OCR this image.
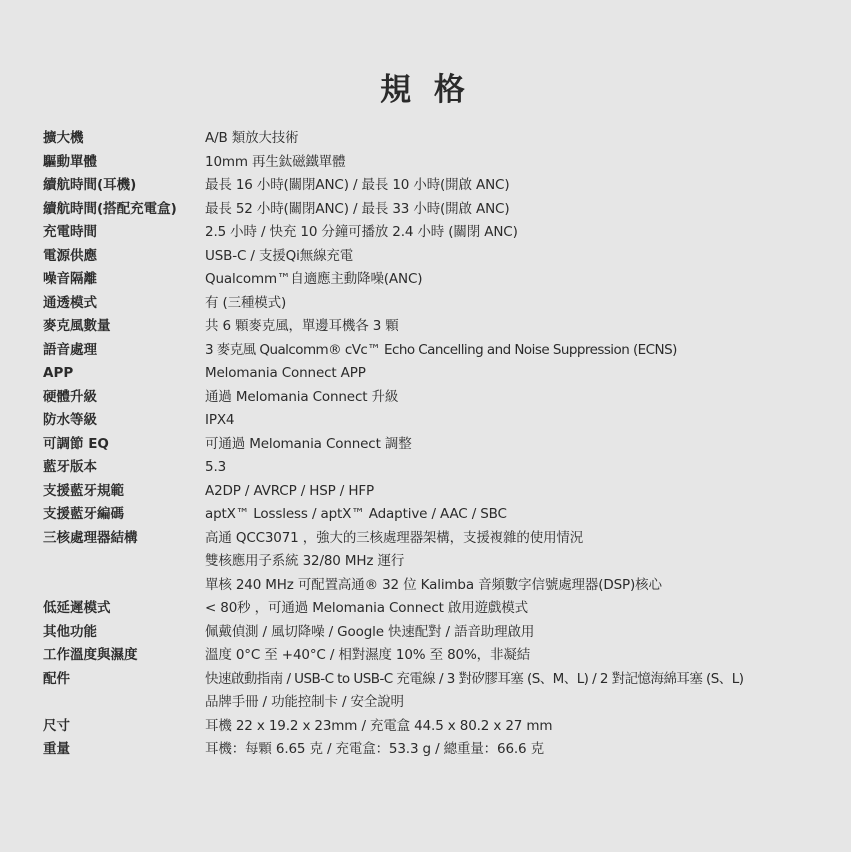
規 格
擴大機	A/B 類放大技術
驅動單體	10mm 再生鈦磁鐵單體
續航時間(耳機)	最長 16 小時(關閉ANC) / 最長 10 小時(開啟 ANC)
續航時間(搭配充電盒)	最長 52 小時(關閉ANC) / 最長 33 小時(開啟 ANC)
充電時間	2.5 小時 / 快充 10 分鐘可播放 2.4 小時 (關閉 ANC)
電源供應	USB-C / 支援Qi無線充電
噪音隔離	Qualcomm™自適應主動降噪(ANC)
通透模式	有 (三種模式)
麥克風數量	共 6 顆麥克風，單邊耳機各 3 顆
語音處理	3 麥克風 Qualcomm® cVc™ Echo Cancelling and Noise Suppression (ECNS)
APP	Melomania Connect APP
硬體升級	通過 Melomania Connect 升級
防水等級	IPX4
可調節 EQ	可通過 Melomania Connect 調整
藍牙版本	5.3
支援藍牙規範	A2DP / AVRCP / HSP / HFP
支援藍牙編碼	aptX™ Lossless / aptX™ Adaptive / AAC / SBC
三核處理器結構	高通 QCC3071 ，強大的三核處理器架構，支援複雜的使用情況
雙核應用子系統 32/80 MHz 運行
單核 240 MHz 可配置高通® 32 位 Kalimba 音頻數字信號處理器(DSP)核心
低延遲模式	< 80秒 ，可通過 Melomania Connect 啟用遊戲模式
其他功能	佩戴偵測 / 風切降噪 / Google 快速配對 / 語音助理啟用
工作溫度與濕度	溫度 0°C 至 +40°C / 相對濕度 10% 至 80%，非凝結
配件	快速啟動指南 / USB-C to USB-C 充電線 / 3 對矽膠耳塞 (S、M、L) / 2 對記憶海綿耳塞 (S、L)
品牌手冊 / 功能控制卡 / 安全說明
尺寸	耳機 22 x 19.2 x 23mm / 充電盒 44.5 x 80.2 x 27 mm
重量	耳機：每顆 6.65 克 / 充電盒：53.3 g / 總重量：66.6 克
